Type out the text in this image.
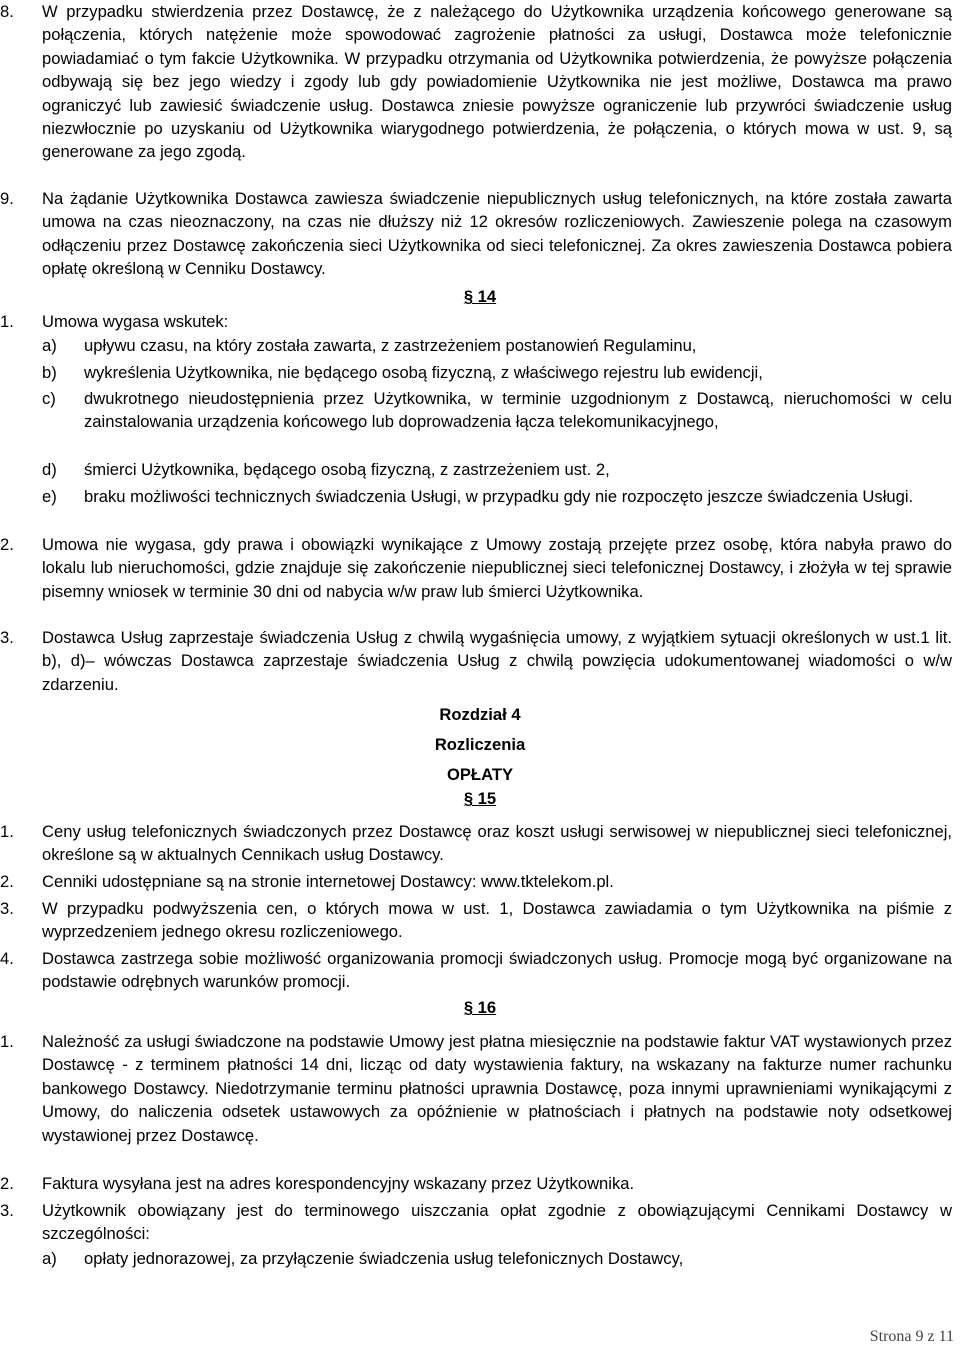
8. W przypadku stwierdzenia przez Dostawcę, że z należącego do Użytkownika urządzenia końcowego generowane są połączenia, których natężenie może spowodować zagrożenie płatności za usługi, Dostawca może telefonicznie powiadamiać o tym fakcie Użytkownika. W przypadku otrzymania od Użytkownika potwierdzenia, że powyższe połączenia odbywają się bez jego wiedzy i zgody lub gdy powiadomienie Użytkownika nie jest możliwe, Dostawca ma prawo ograniczyć lub zawiesić świadczenie usług. Dostawca zniesie powyższe ograniczenie lub przywróci świadczenie usług niezwłocznie po uzyskaniu od Użytkownika wiarygodnego potwierdzenia, że połączenia, o których mowa w ust. 9, są generowane za jego zgodą.
9. Na żądanie Użytkownika Dostawca zawiesza świadczenie niepublicznych usług telefonicznych, na które została zawarta umowa na czas nieoznaczony, na czas nie dłuższy niż 12 okresów rozliczeniowych. Zawieszenie polega na czasowym odłączeniu przez Dostawcę zakończenia sieci Użytkownika od sieci telefonicznej. Za okres zawieszenia Dostawca pobiera opłatę określoną w Cenniku Dostawcy.
§ 14
1. Umowa wygasa wskutek:
a) upływu czasu, na który została zawarta, z zastrzeżeniem postanowień Regulaminu,
b) wykreślenia Użytkownika, nie będącego osobą fizyczną, z właściwego rejestru lub ewidencji,
c) dwukrotnego nieudostępnienia przez Użytkownika, w terminie uzgodnionym z Dostawcą, nieruchomości w celu zainstalowania urządzenia końcowego lub doprowadzenia łącza telekomunikacyjnego,
d) śmierci Użytkownika, będącego osobą fizyczną, z zastrzeżeniem ust. 2,
e) braku możliwości technicznych świadczenia Usługi, w przypadku gdy nie rozpoczęto jeszcze świadczenia Usługi.
2. Umowa nie wygasa, gdy prawa i obowiązki wynikające z Umowy zostają przejęte przez osobę, która nabyła prawo do lokalu lub nieruchomości, gdzie znajduje się zakończenie niepublicznej sieci telefonicznej Dostawcy, i złożyła w tej sprawie pisemny wniosek w terminie 30 dni od nabycia w/w praw lub śmierci Użytkownika.
3. Dostawca Usług zaprzestaje świadczenia Usług z chwilą wygaśnięcia umowy, z wyjątkiem sytuacji określonych w ust.1 lit. b), d)– wówczas Dostawca zaprzestaje świadczenia Usług z chwilą powzięcia udokumentowanej wiadomości o w/w zdarzeniu.
Rozdział 4
Rozliczenia
OPŁATY
§ 15
1. Ceny usług telefonicznych świadczonych przez Dostawcę oraz koszt usługi serwisowej w niepublicznej sieci telefonicznej, określone są w aktualnych Cennikach usług Dostawcy.
2. Cenniki udostępniane są na stronie internetowej Dostawcy: www.tktelekom.pl.
3. W przypadku podwyższenia cen, o których mowa w ust. 1, Dostawca zawiadamia o tym Użytkownika na piśmie z wyprzedzeniem jednego okresu rozliczeniowego.
4. Dostawca zastrzega sobie możliwość organizowania promocji świadczonych usług. Promocje mogą być organizowane na podstawie odrębnych warunków promocji.
§ 16
1. Należność za usługi świadczone na podstawie Umowy jest płatna miesięcznie na podstawie faktur VAT wystawionych przez Dostawcę - z terminem płatności 14 dni, licząc od daty wystawienia faktury, na wskazany na fakturze numer rachunku bankowego Dostawcy. Niedotrzymanie terminu płatności uprawnia Dostawcę, poza innymi uprawnieniami wynikającymi z Umowy, do naliczenia odsetek ustawowych za opóźnienie w płatnościach i płatnych na podstawie noty odsetkowej wystawionej przez Dostawcę.
2. Faktura wysyłana jest na adres korespondencyjny wskazany przez Użytkownika.
3. Użytkownik obowiązany jest do terminowego uiszczania opłat zgodnie z obowiązującymi Cennikami Dostawcy w szczególności:
a) opłaty jednorazowej, za przyłączenie świadczenia usług telefonicznych Dostawcy,
Strona 9 z 11
